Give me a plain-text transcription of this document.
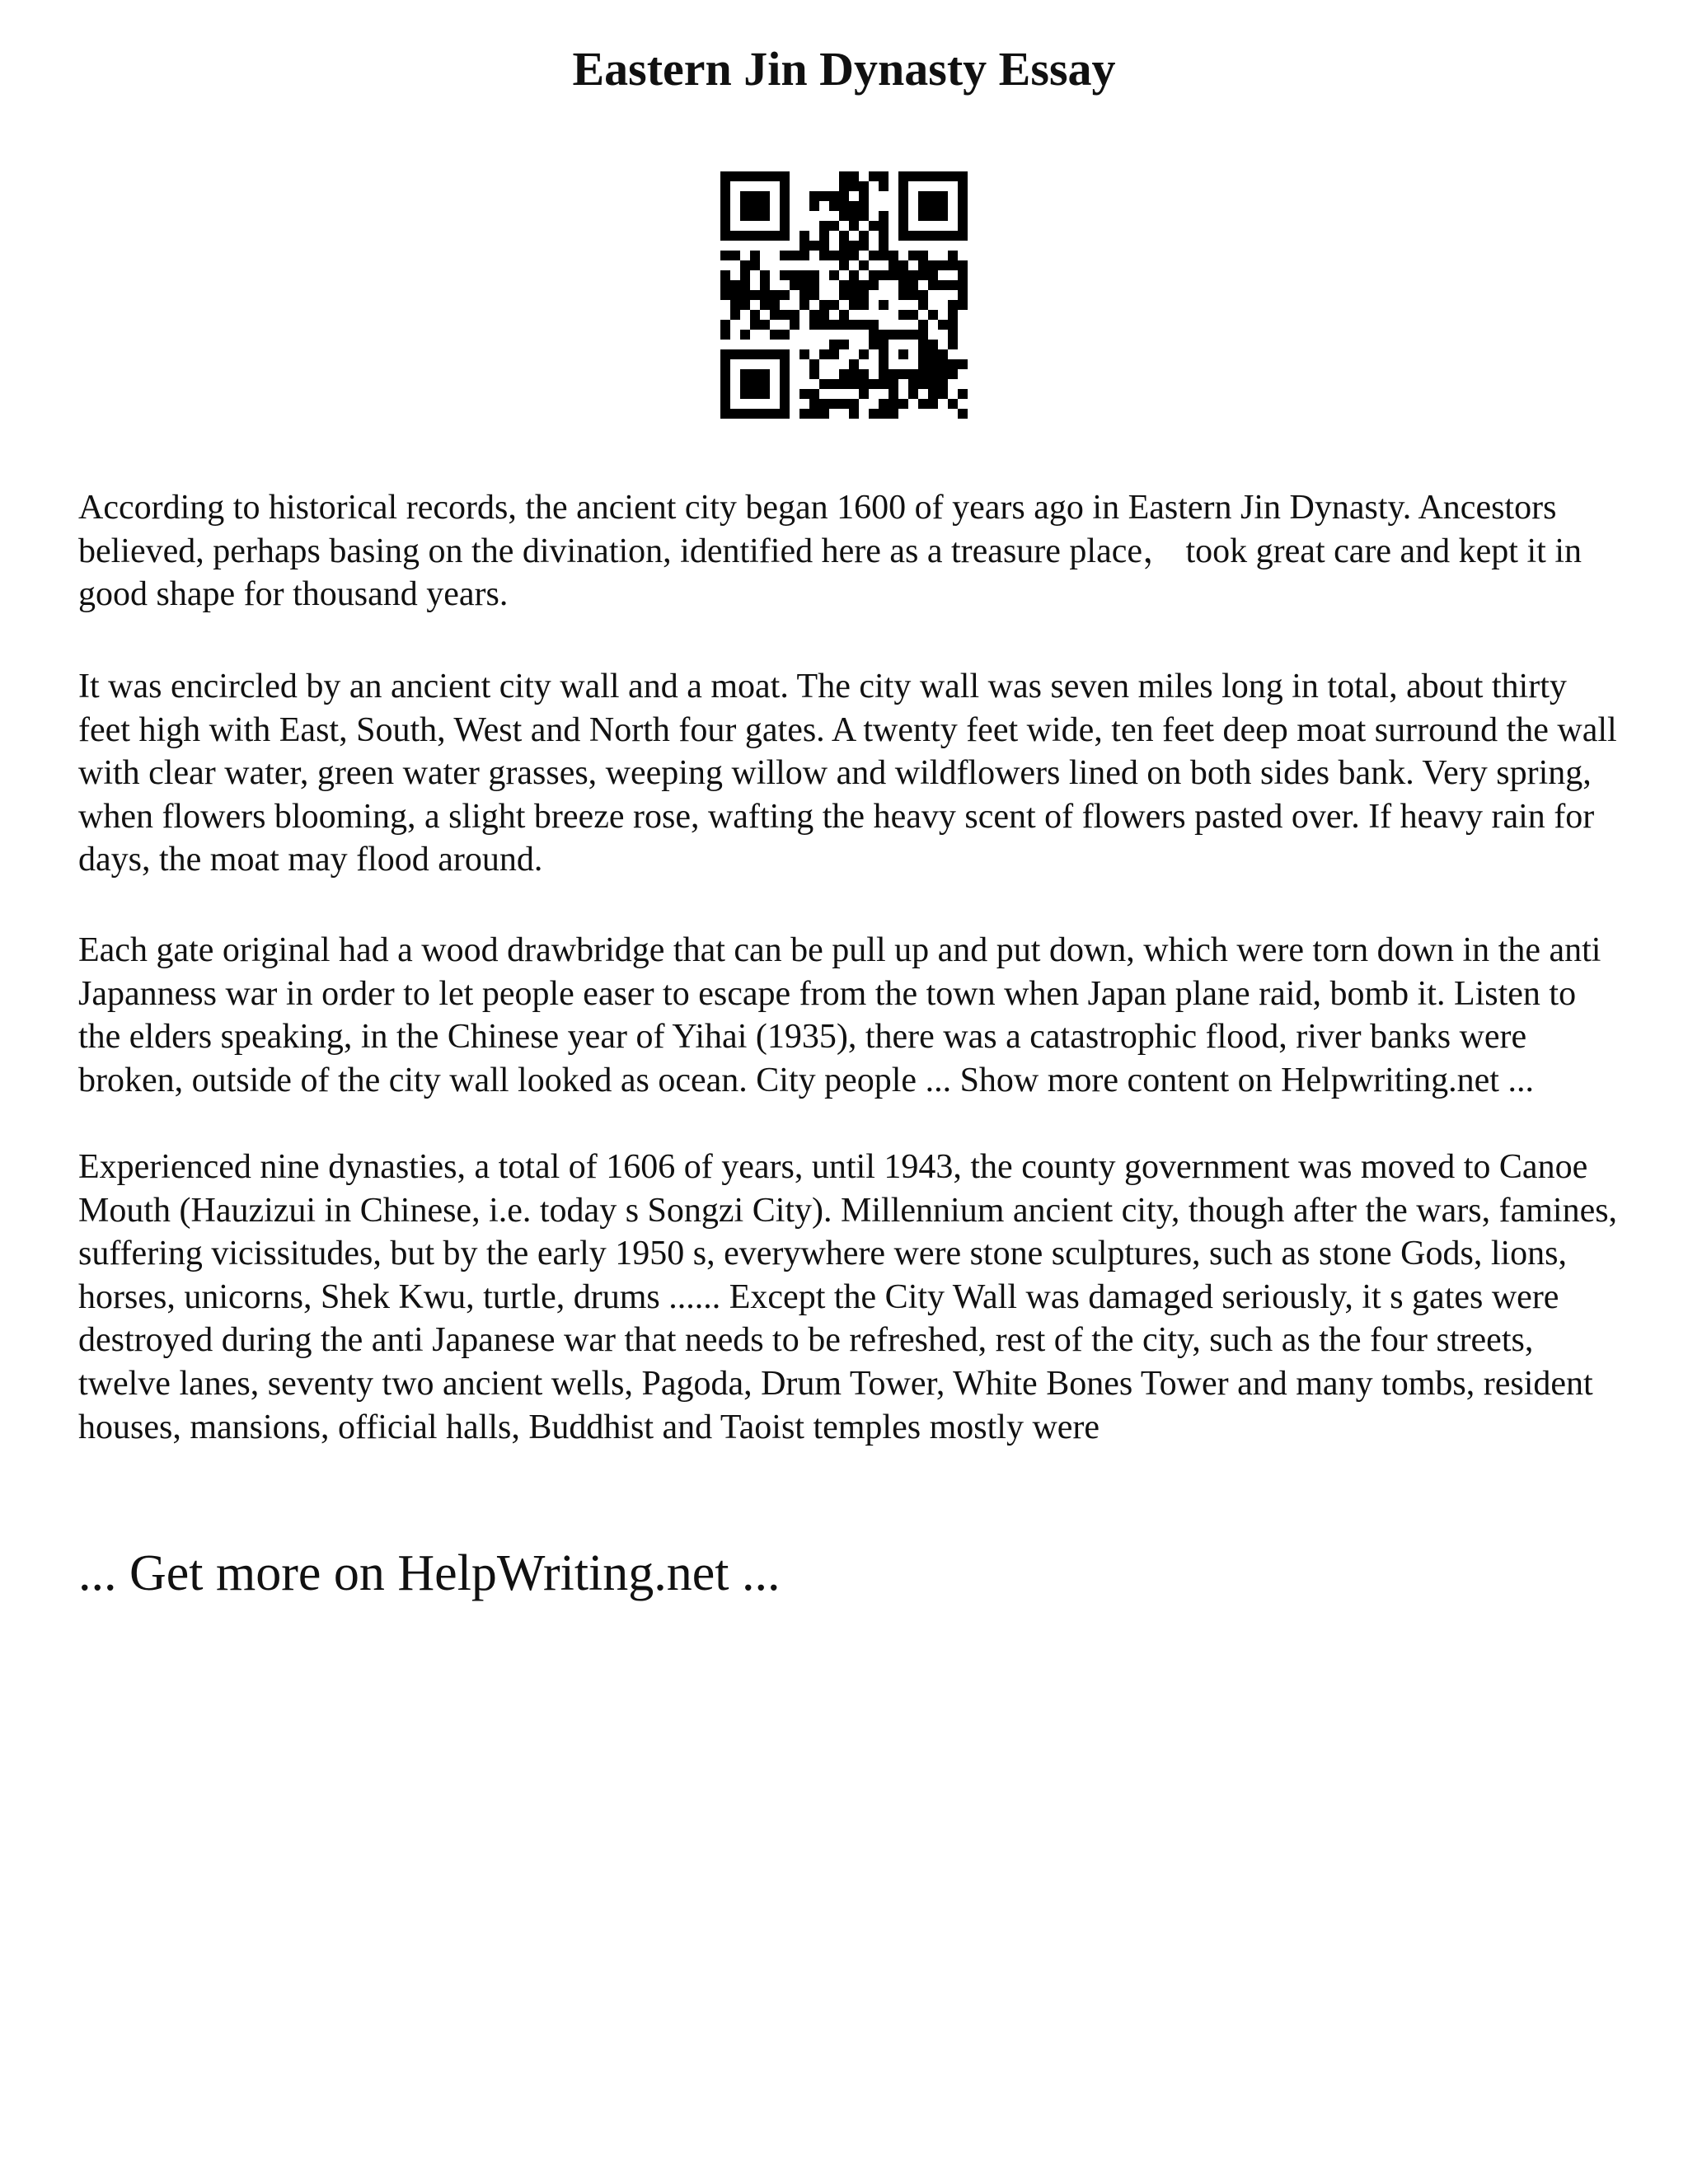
Eastern Jin Dynasty Essay

According to historical records, the ancient city began 1600 of years ago in Eastern Jin Dynasty. Ancestors believed, perhaps basing on the divination, identified here as a treasure place， took great care and kept it in good shape for thousand years.

It was encircled by an ancient city wall and a moat. The city wall was seven miles long in total, about thirty feet high with East, South, West and North four gates. A twenty feet wide, ten feet deep moat surround the wall with clear water, green water grasses, weeping willow and wildflowers lined on both sides bank. Very spring, when flowers blooming, a slight breeze rose, wafting the heavy scent of flowers pasted over. If heavy rain for days, the moat may flood around.

Each gate original had a wood drawbridge that can be pull up and put down, which were torn down in the anti Japanness war in order to let people easer to escape from the town when Japan plane raid, bomb it. Listen to the elders speaking, in the Chinese year of Yihai (1935), there was a catastrophic flood, river banks were broken, outside of the city wall looked as ocean. City people ... Show more content on Helpwriting.net ...

Experienced nine dynasties, a total of 1606 of years, until 1943, the county government was moved to Canoe Mouth (Hauzizui in Chinese, i.e. today s Songzi City). Millennium ancient city, though after the wars, famines, suffering vicissitudes, but by the early 1950 s, everywhere were stone sculptures, such as stone Gods, lions, horses, unicorns, Shek Kwu, turtle, drums ...... Except the City Wall was damaged seriously, it s gates were destroyed during the anti Japanese war that needs to be refreshed, rest of the city, such as the four streets, twelve lanes, seventy two ancient wells, Pagoda, Drum Tower, White Bones Tower and many tombs, resident houses, mansions, official halls, Buddhist and Taoist temples mostly were

... Get more on HelpWriting.net ...
